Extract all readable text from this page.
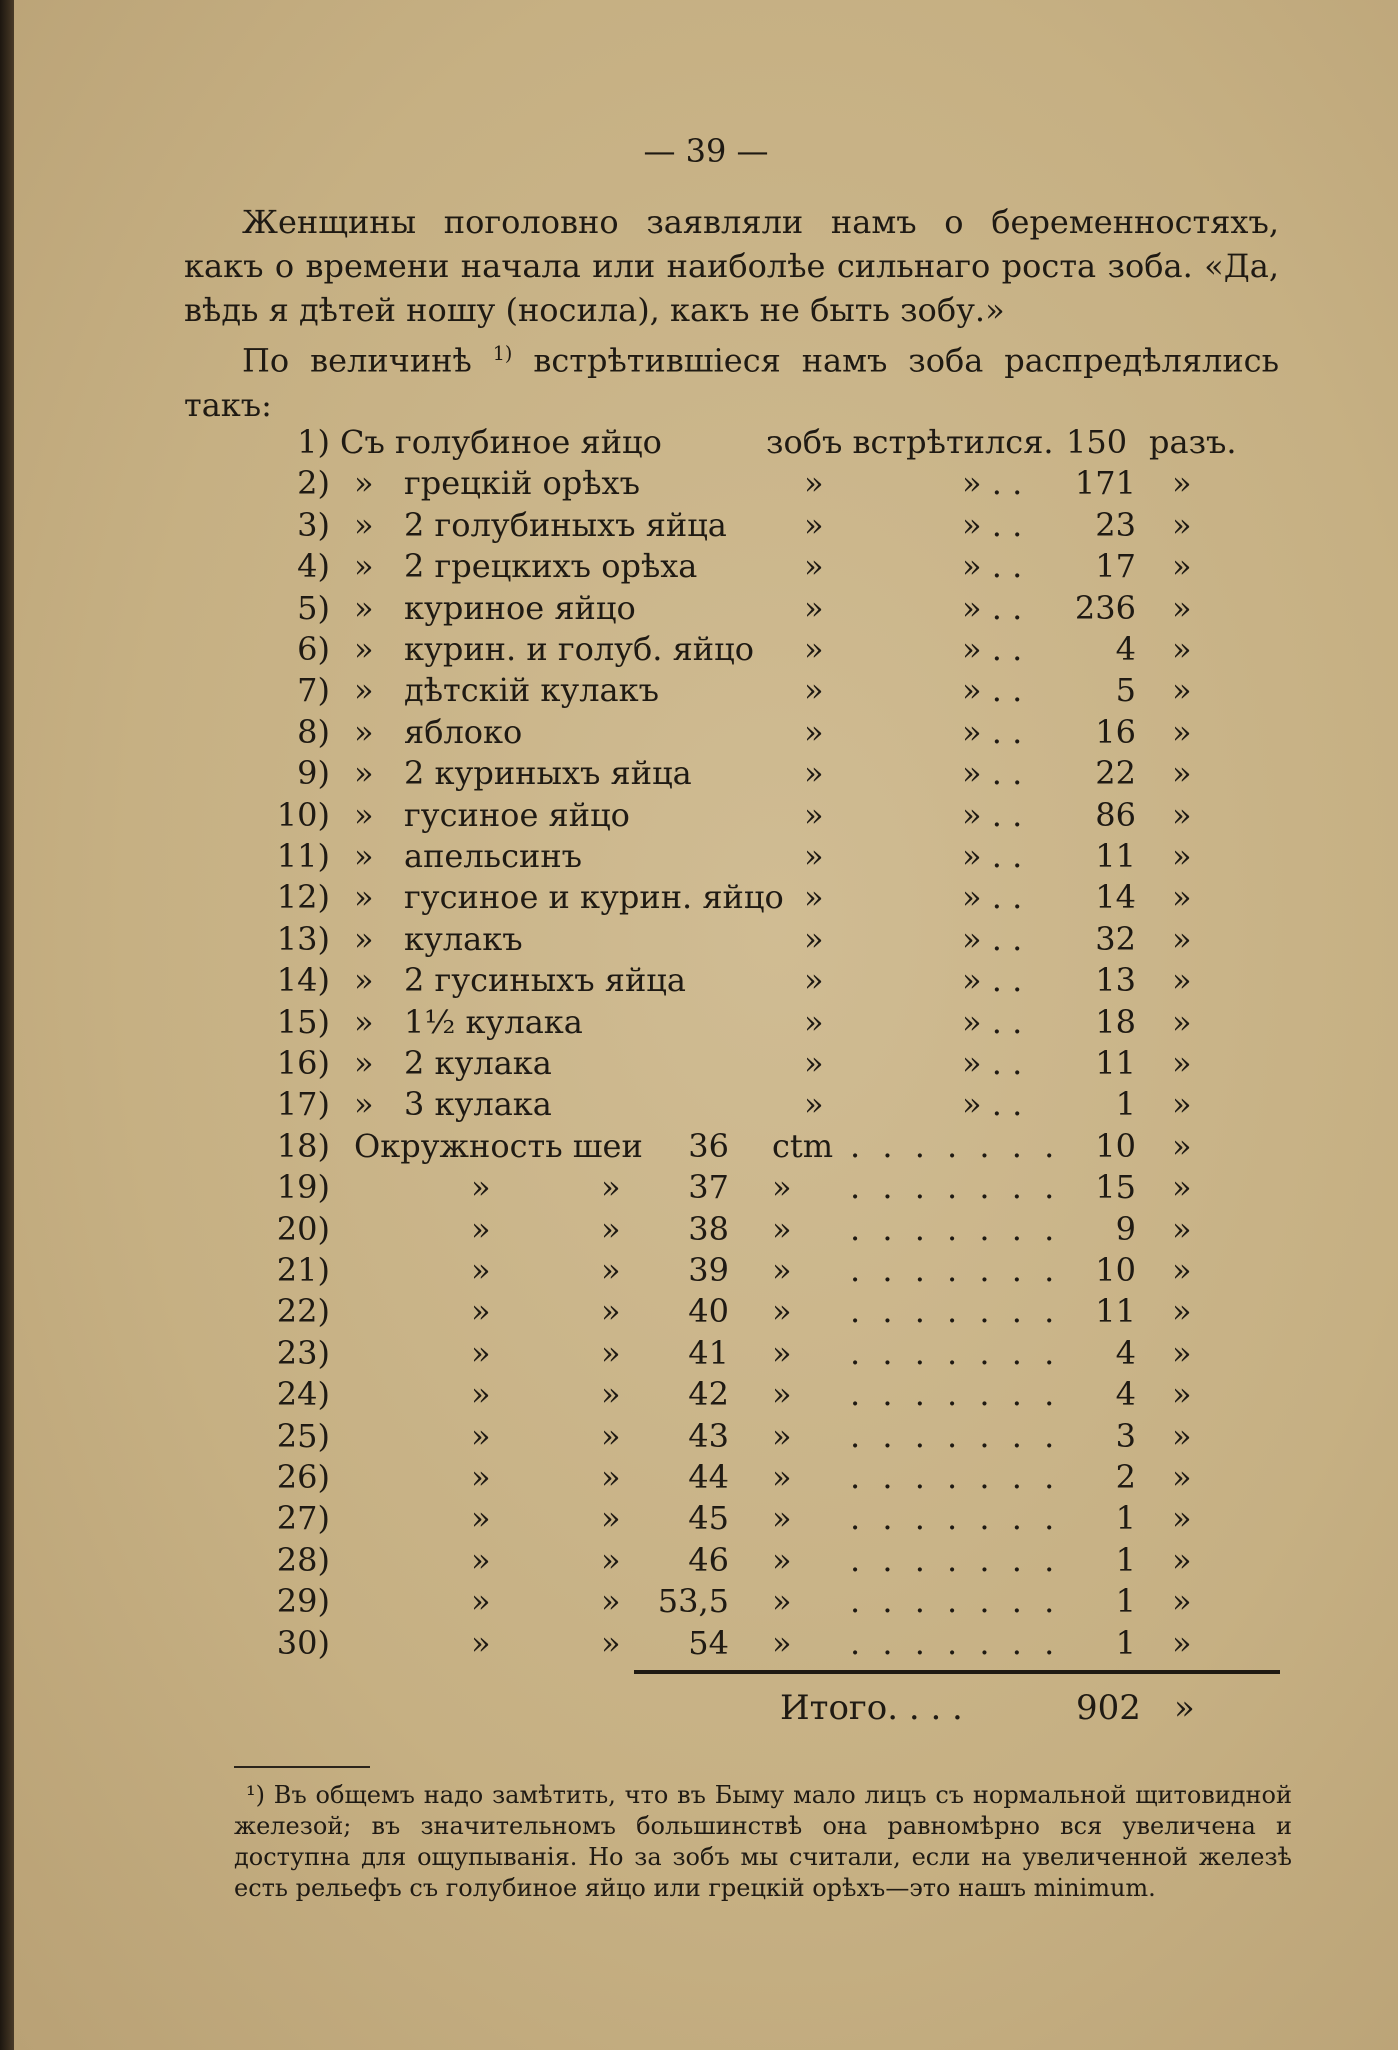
— 39 —

Женщины поголовно заявляли намъ о беременностяхъ, какъ о времени начала или наиболѣе сильнаго роста зоба. «Да, вѣдь я дѣтей ношу (носила), какъ не быть зобу.»

По величинѣ $^{1)}$ встрѣтившiеся намъ зоба распредѣлялись такъ:

1) Съ голубиное яйцо	зобъ встрѣтился. 150 разъ.
2) » грецкiй орѣхъ	»	» . .	171 »
3) » 2 голубиныхъ яйца »	» . .	23 »
4) » 2 грецкихъ орѣха	»	» . .	17 »
5) » куриное яйцо	»	» . .	236 »
6) » курин. и голуб. яйцо »	» . .	4 »
7) » дѣтскiй кулакъ	»	» . .	5 »
8) » яблоко	»	» . .	16 »
9) » 2 куриныхъ яйца	»	» . .	22 »
10) » гусиное яйцо	»	» . .	86 »
11) » апельсинъ	»	» . .	11 »
12) » гусиное и курин. яйцо »	» . .	14 »
13) » кулакъ	»	» . .	32 »
14) » 2 гусиныхъ яйца	»	» . .	13 »
15) » 1½ кулака	»	» . .	18 »
16) » 2 кулака	»	» . .	11 »
17) » 3 кулака	»	» . .	1 »
18) Окружность шеи	36 ctm . . . . . . .	10 »
19)	»	»	37 » . . . . . . .	15 »
20)	»	»	38 » . . . . . . .	9 »
21)	»	»	39 » . . . . . . .	10 »
22)	»	»	40 » . . . . . . .	11 »
23)	»	»	41 » . . . . . . .	4 »
24)	»	»	42 » . . . . . . .	4 »
25)	»	»	43 » . . . . . . .	3 »
26)	»	»	44 » . . . . . . .	2 »
27)	»	»	45 » . . . . . . .	1 »
28)	»	»	46 » . . . . . . .	1 »
29)	»	»	53,5 » . . . . . . .	1 »
30)	»	»	54 » . . . . . . .	1 »
Итого. . . .	902 »

¹) Въ общемъ надо замѣтить, что въ Быму мало лицъ съ нормальной щитовидной железой; въ значительномъ большинствѣ она равномѣрно вся увеличена и доступна для ощупыванiя. Но за зобъ мы считали, если на увеличенной железѣ есть рельефъ съ голубиное яйцо или грецкiй орѣхъ—это нашъ minimum.
